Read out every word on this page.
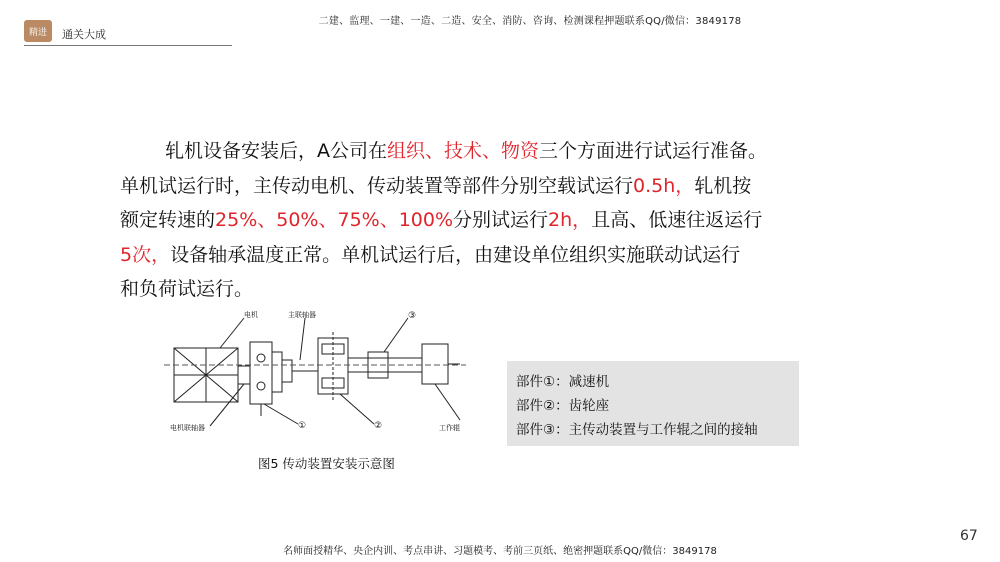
二建、监理、一建、一造、二造、安全、消防、咨询、检测课程押题联系QQ/微信：3849178
精进	通关大成
轧机设备安装后，A公司在组织、技术、物资三个方面进行试运行准备。
单机试运行时，主传动电机、传动装置等部件分别空载试运行0.5h，轧机按
额定转速的25%、50%、75%、100%分别试运行2h，且高、低速往返运行
5次，设备轴承温度正常。单机试运行后，由建设单位组织实施联动试运行
和负荷试运行。
电机	主联轴器
电机联轴器	工作辊
①	②
③
图5 传动装置安装示意图
部件①：减速机
部件②：齿轮座
部件③：主传动装置与工作辊之间的接轴
67
名师面授精华、央企内训、考点串讲、习题模考、考前三页纸、绝密押题联系QQ/微信：3849178
